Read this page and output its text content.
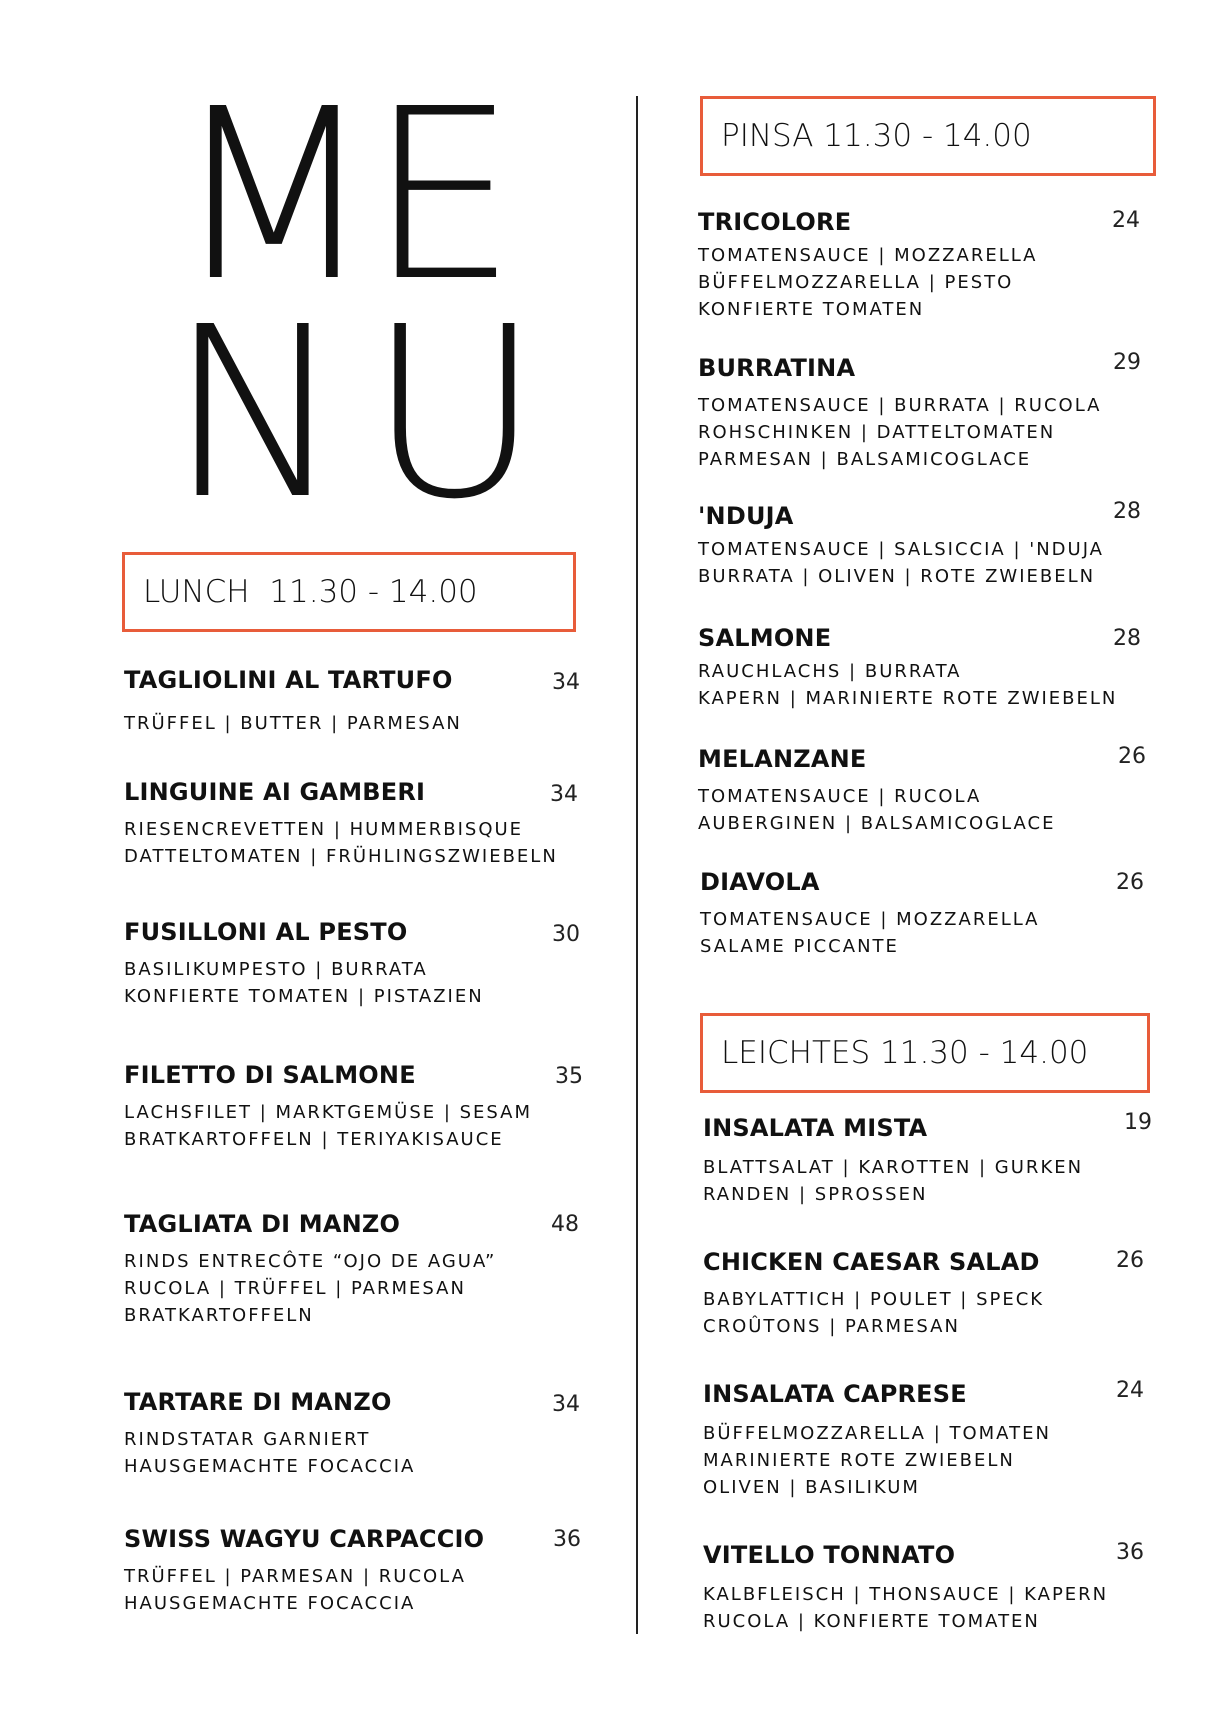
M
E
N U
LUNCH  11.30 - 14.00
PINSA 11.30 - 14.00
LEICHTES 11.30 - 14.00
TAGLIOLINI AL TARTUFO
TRÜFFEL | BUTTER | PARMESAN
34
LINGUINE AI GAMBERI
RIESENCREVETTEN | HUMMERBISQUE
DATTELTOMATEN | FRÜHLINGSZWIEBELN
34
FUSILLONI AL PESTO
BASILIKUMPESTO | BURRATA
KONFIERTE TOMATEN | PISTAZIEN
30
FILETTO DI SALMONE
LACHSFILET | MARKTGEMÜSE | SESAM
BRATKARTOFFELN | TERIYAKISAUCE
35
TAGLIATA DI MANZO
RINDS ENTRECÔTE “OJO DE AGUA”
RUCOLA | TRÜFFEL | PARMESAN
BRATKARTOFFELN
48
TARTARE DI MANZO
RINDSTATAR GARNIERT
HAUSGEMACHTE FOCACCIA
34
SWISS WAGYU CARPACCIO
TRÜFFEL | PARMESAN | RUCOLA
HAUSGEMACHTE FOCACCIA
36
TRICOLORE
TOMATENSAUCE | MOZZARELLA
BÜFFELMOZZARELLA | PESTO
KONFIERTE TOMATEN
24
BURRATINA
TOMATENSAUCE | BURRATA | RUCOLA
ROHSCHINKEN | DATTELTOMATEN
PARMESAN | BALSAMICOGLACE
29
'NDUJA
TOMATENSAUCE | SALSICCIA | 'NDUJA
BURRATA | OLIVEN | ROTE ZWIEBELN
28
SALMONE
RAUCHLACHS | BURRATA
KAPERN | MARINIERTE ROTE ZWIEBELN
28
MELANZANE
TOMATENSAUCE | RUCOLA
AUBERGINEN | BALSAMICOGLACE
26
DIAVOLA
TOMATENSAUCE | MOZZARELLA
SALAME PICCANTE
26
INSALATA MISTA
BLATTSALAT | KAROTTEN | GURKEN
RANDEN | SPROSSEN
19
CHICKEN CAESAR SALAD
BABYLATTICH | POULET | SPECK
CROÛTONS | PARMESAN
26
INSALATA CAPRESE
BÜFFELMOZZARELLA | TOMATEN
MARINIERTE ROTE ZWIEBELN
OLIVEN | BASILIKUM
24
VITELLO TONNATO
KALBFLEISCH | THONSAUCE | KAPERN
RUCOLA | KONFIERTE TOMATEN
36
